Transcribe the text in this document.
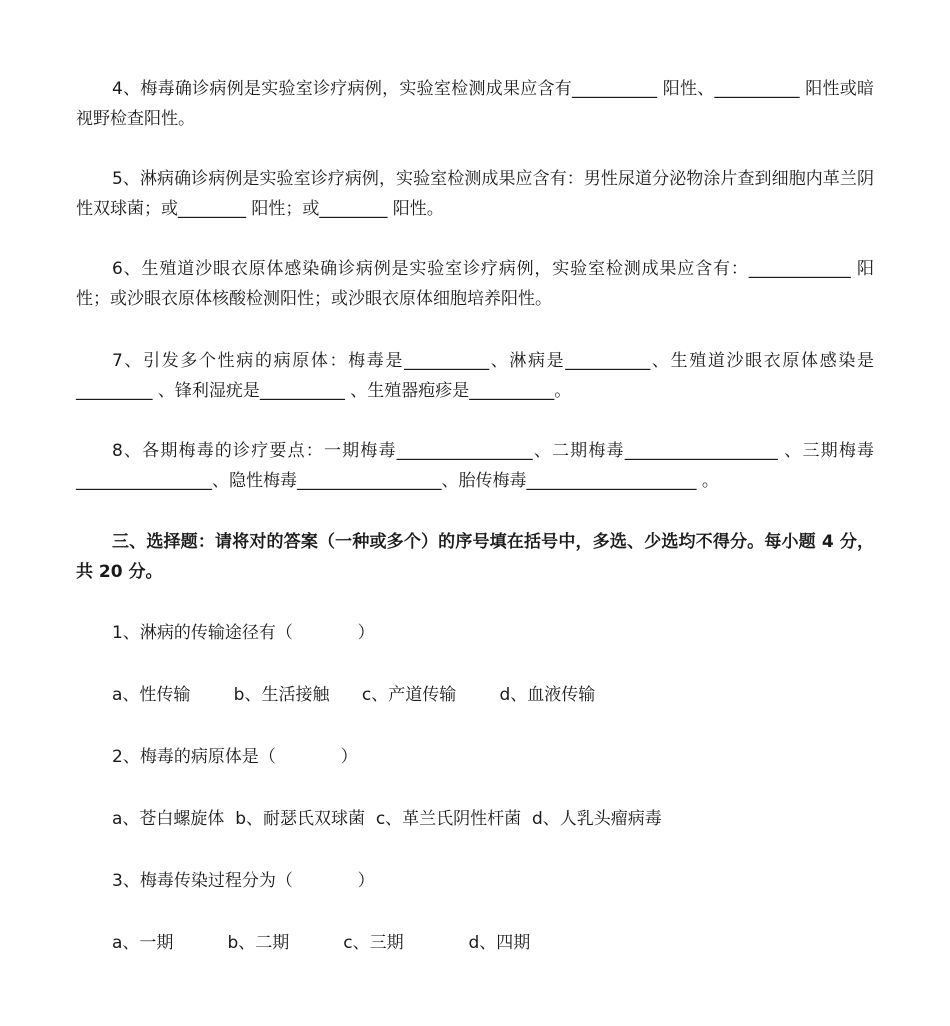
4、梅毒确诊病例是实验室诊疗病例，实验室检测成果应含有__________ 阳性、__________ 阳性或暗视野检查阳性。

5、淋病确诊病例是实验室诊疗病例，实验室检测成果应含有：男性尿道分泌物涂片查到细胞内革兰阴性双球菌；或________ 阳性；或________ 阳性。

6、生殖道沙眼衣原体感染确诊病例是实验室诊疗病例，实验室检测成果应含有：____________ 阳性；或沙眼衣原体核酸检测阳性；或沙眼衣原体细胞培养阳性。

7、引发多个性病的病原体：梅毒是__________、淋病是__________、生殖道沙眼衣原体感染是_________ 、锋利湿疣是__________ 、生殖器疱疹是__________。

8、各期梅毒的诊疗要点：一期梅毒________________、二期梅毒__________________ 、三期梅毒 ________________、隐性梅毒_________________、胎传梅毒____________________ 。

三、选择题：请将对的答案（一种或多个）的序号填在括号中，多选、少选均不得分。每小题 4 分，共 20 分。

1、淋病的传输途径有（            ）

a、性传输        b、生活接触      c、产道传输        d、血液传输

2、梅毒的病原体是（            ）

a、苍白螺旋体  b、耐瑟氏双球菌  c、革兰氏阴性杆菌  d、人乳头瘤病毒

3、梅毒传染过程分为（            ）

a、一期          b、二期          c、三期            d、四期
